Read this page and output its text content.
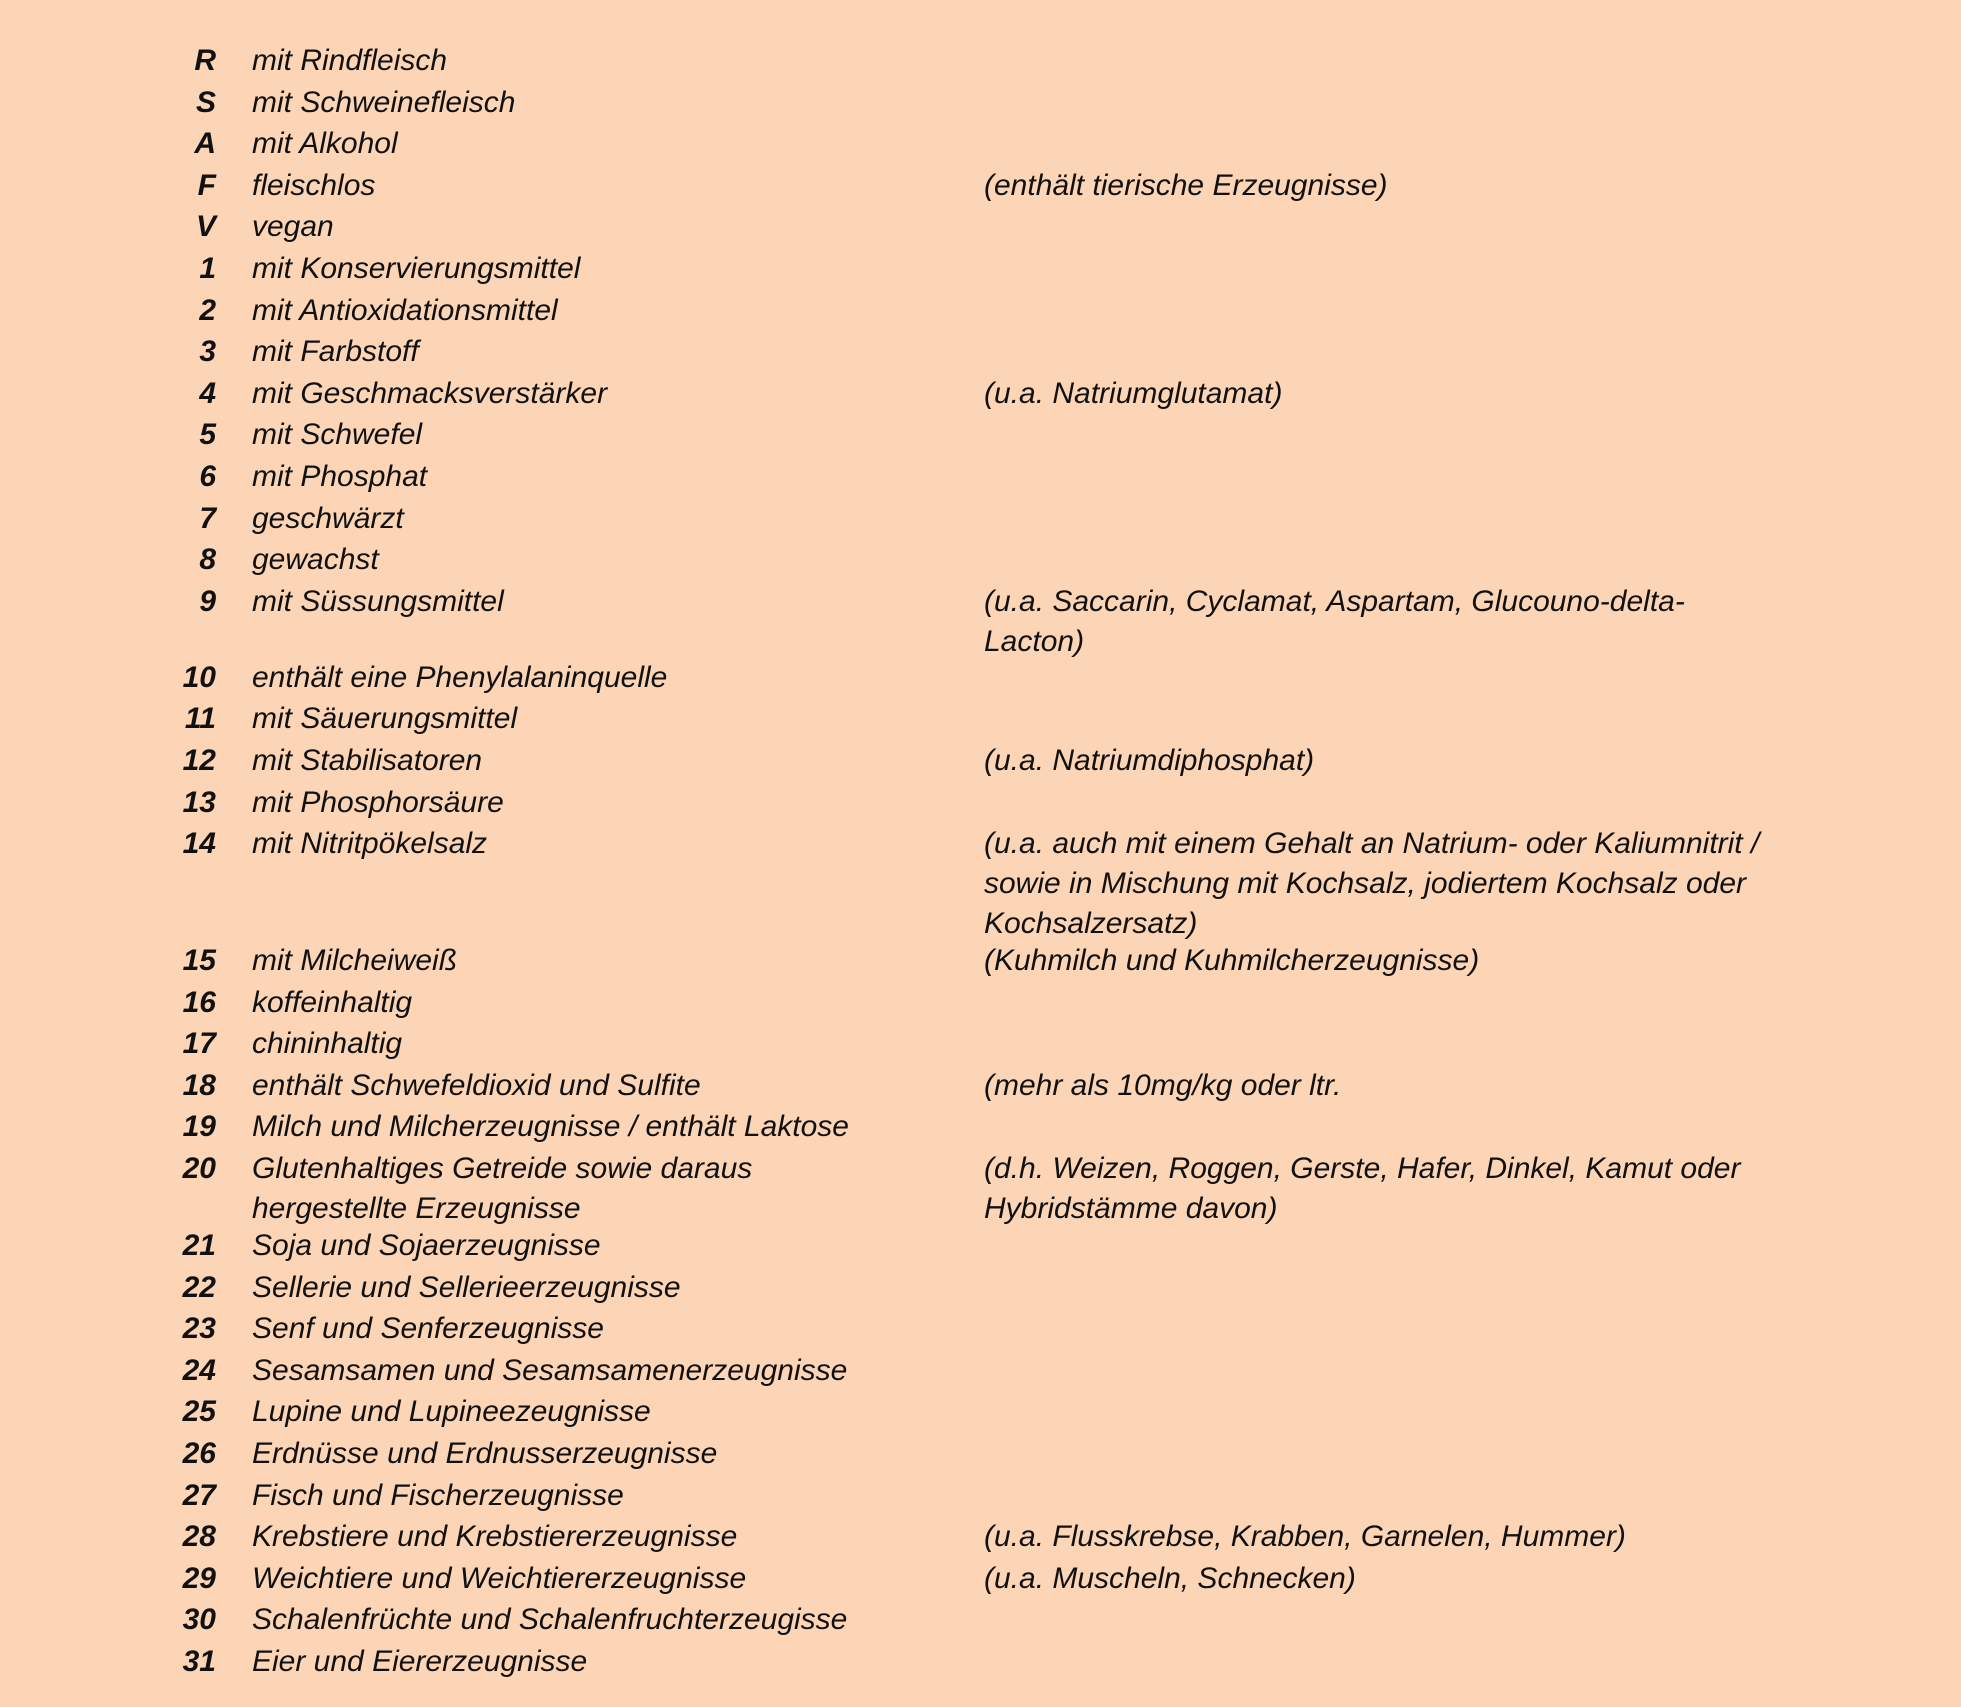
R mit Rindfleisch
S mit Schweinefleisch
A mit Alkohol
F fleischlos	(enthält tierische Erzeugnisse)
V vegan
1 mit Konservierungsmittel
2 mit Antioxidationsmittel
3 mit Farbstoff
4 mit Geschmacksverstärker	(u.a. Natriumglutamat)
5 mit Schwefel
6 mit Phosphat
7 geschwärzt
8 gewachst
9 mit Süssungsmittel	(u.a. Saccarin, Cyclamat, Aspartam, Glucouno-delta-Lacton)
10 enthält eine Phenylalaninquelle
11 mit Säuerungsmittel
12 mit Stabilisatoren	(u.a. Natriumdiphosphat)
13 mit Phosphorsäure
14 mit Nitritpökelsalz	(u.a. auch mit einem Gehalt an Natrium- oder Kaliumnitrit / sowie in Mischung mit Kochsalz, jodiertem Kochsalz oder Kochsalzersatz)
15 mit Milcheiweiß	(Kuhmilch und Kuhmilcherzeugnisse)
16 koffeinhaltig
17 chininhaltig
18 enthält Schwefeldioxid und Sulfite	(mehr als 10mg/kg oder ltr.
19 Milch und Milcherzeugnisse / enthält Laktose
20 Glutenhaltiges Getreide sowie daraus hergestellte Erzeugnisse
(d.h. Weizen, Roggen, Gerste, Hafer, Dinkel, Kamut oder Hybridstämme davon)
21 Soja und Sojaerzeugnisse
22 Sellerie und Sellerieerzeugnisse
23 Senf und Senferzeugnisse
24 Sesamsamen und Sesamsamenerzeugnisse
25 Lupine und Lupineezeugnisse
26 Erdnüsse und Erdnusserzeugnisse
27 Fisch und Fischerzeugnisse
28 Krebstiere und Krebstiererzeugnisse	(u.a. Flusskrebse, Krabben, Garnelen, Hummer)
29 Weichtiere und Weichtiererzeugnisse	(u.a. Muscheln, Schnecken)
30 Schalenfrüchte und Schalenfruchterzeugisse
31 Eier und Eiererzeugnisse
